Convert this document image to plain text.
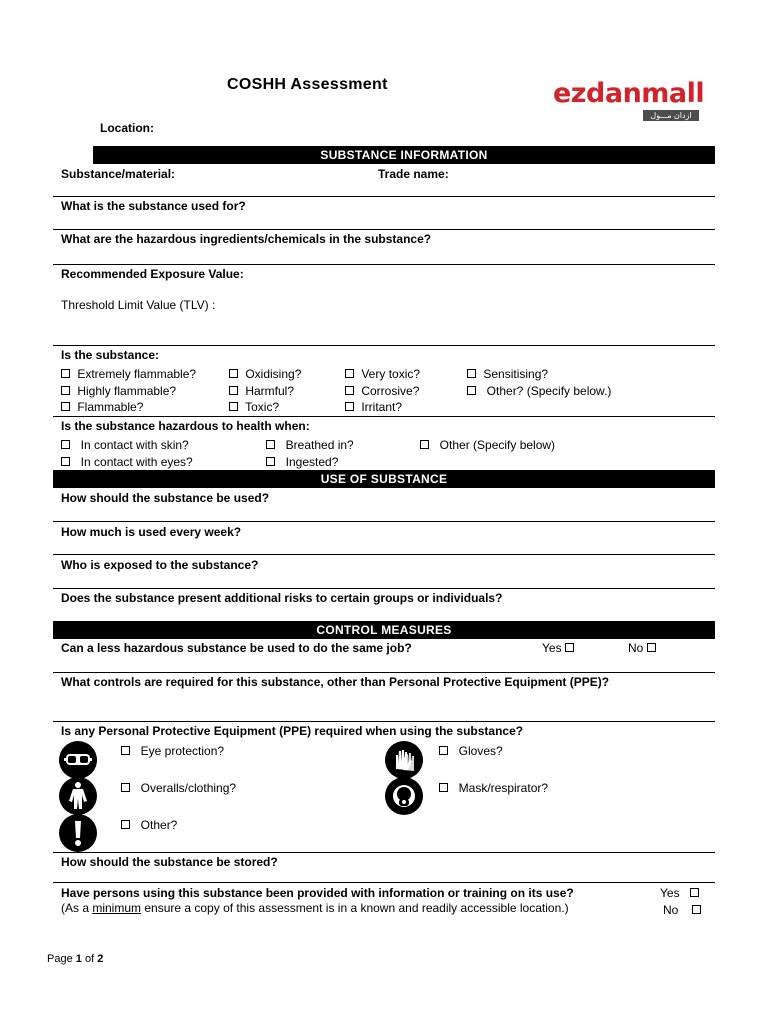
COSHH Assessment	ezdanmall
ازدان مـــول
Location:
SUBSTANCE INFORMATION
Substance/material:	Trade name:
What is the substance used for?
What are the hazardous ingredients/chemicals in the substance?
Recommended Exposure Value:
Threshold Limit Value (TLV) :
Is the substance:
Extremely flammable?	Oxidising?	Very toxic?	Sensitising?
Highly flammable?	Harmful?	Corrosive?	Other? (Specify below.)
Flammable?	Toxic?	Irritant?
Is the substance hazardous to health when:
In contact with skin?	Breathed in?	Other (Specify below)
In contact with eyes?	Ingested?
USE OF SUBSTANCE
How should the substance be used?
How much is used every week?
Who is exposed to the substance?
Does the substance present additional risks to certain groups or individuals?
CONTROL MEASURES
Can a less hazardous substance be used to do the same job?	Yes	No
What controls are required for this substance, other than Personal Protective Equipment (PPE)?
Is any Personal Protective Equipment (PPE) required when using the substance?
Eye protection?	Gloves?
Overalls/clothing?	Mask/respirator?
Other?
How should the substance be stored?
Have persons using this substance been provided with information or training on its use?
(As a minimum ensure a copy of this assessment is in a known and readily accessible location.)
Yes
No
Page 1 of 2
